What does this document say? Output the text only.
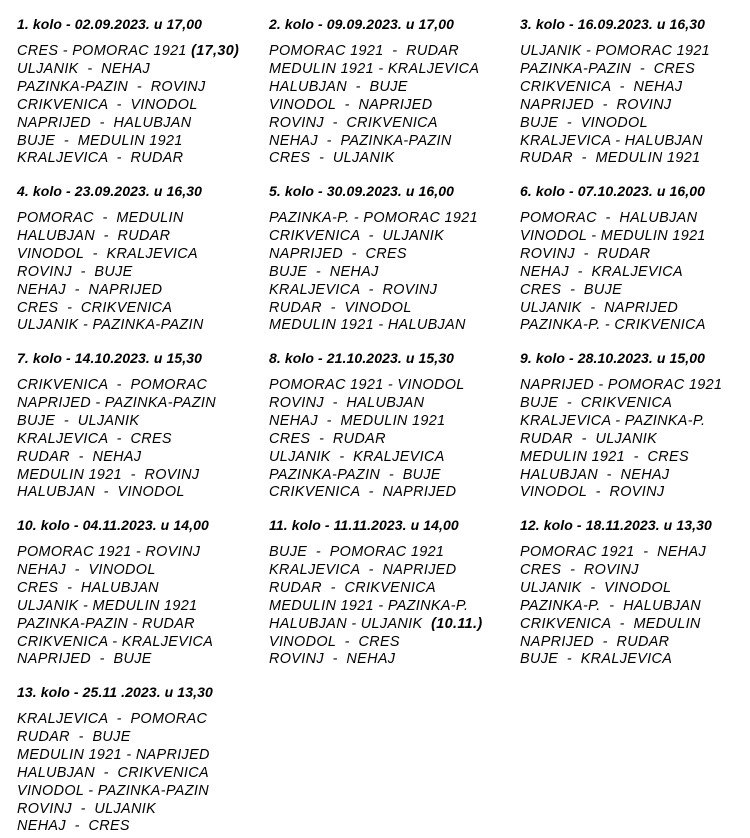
1. kolo - 02.09.2023. u 17,00
CRES - POMORAC 1921 (17,30)
ULJANIK  -  NEHAJ
PAZINKA-PAZIN  -  ROVINJ
CRIKVENICA  -  VINODOL
NAPRIJED  -  HALUBJAN
BUJE  -  MEDULIN 1921
KRALJEVICA  -  RUDAR
2. kolo - 09.09.2023. u 17,00
POMORAC 1921  -  RUDAR
MEDULIN 1921 - KRALJEVICA
HALUBJAN  -  BUJE
VINODOL  -  NAPRIJED
ROVINJ  -  CRIKVENICA
NEHAJ  -  PAZINKA-PAZIN
CRES  -  ULJANIK
3. kolo - 16.09.2023. u 16,30
ULJANIK - POMORAC 1921
PAZINKA-PAZIN  -  CRES
CRIKVENICA  -  NEHAJ
NAPRIJED  -  ROVINJ
BUJE  -  VINODOL
KRALJEVICA - HALUBJAN
RUDAR  -  MEDULIN 1921
4. kolo - 23.09.2023. u 16,30
POMORAC  -  MEDULIN
HALUBJAN  -  RUDAR
VINODOL  -  KRALJEVICA
ROVINJ  -  BUJE
NEHAJ  -  NAPRIJED
CRES  -  CRIKVENICA
ULJANIK - PAZINKA-PAZIN
5. kolo - 30.09.2023. u 16,00
PAZINKA-P. - POMORAC 1921
CRIKVENICA  -  ULJANIK
NAPRIJED  -  CRES
BUJE  -  NEHAJ
KRALJEVICA  -  ROVINJ
RUDAR  -  VINODOL
MEDULIN 1921 - HALUBJAN
6. kolo - 07.10.2023. u 16,00
POMORAC  -  HALUBJAN
VINODOL - MEDULIN 1921
ROVINJ  -  RUDAR
NEHAJ  -  KRALJEVICA
CRES  -  BUJE
ULJANIK  -  NAPRIJED
PAZINKA-P. - CRIKVENICA
7. kolo - 14.10.2023. u 15,30
CRIKVENICA  -  POMORAC
NAPRIJED - PAZINKA-PAZIN
BUJE  -  ULJANIK
KRALJEVICA  -  CRES
RUDAR  -  NEHAJ
MEDULIN 1921  -  ROVINJ
HALUBJAN  -  VINODOL
8. kolo - 21.10.2023. u 15,30
POMORAC 1921 - VINODOL
ROVINJ  -  HALUBJAN
NEHAJ  -  MEDULIN 1921
CRES  -  RUDAR
ULJANIK  -  KRALJEVICA
PAZINKA-PAZIN  -  BUJE
CRIKVENICA  -  NAPRIJED
9. kolo - 28.10.2023. u 15,00
NAPRIJED - POMORAC 1921
BUJE  -  CRIKVENICA
KRALJEVICA - PAZINKA-P.
RUDAR  -  ULJANIK
MEDULIN 1921  -  CRES
HALUBJAN  -  NEHAJ
VINODOL  -  ROVINJ
10. kolo - 04.11.2023. u 14,00
POMORAC 1921 - ROVINJ
NEHAJ  -  VINODOL
CRES  -  HALUBJAN
ULJANIK - MEDULIN 1921
PAZINKA-PAZIN - RUDAR
CRIKVENICA - KRALJEVICA
NAPRIJED  -  BUJE
11. kolo - 11.11.2023. u 14,00
BUJE  -  POMORAC 1921
KRALJEVICA  -  NAPRIJED
RUDAR  -  CRIKVENICA
MEDULIN 1921 - PAZINKA-P.
HALUBJAN - ULJANIK  (10.11.)
VINODOL  -  CRES
ROVINJ  -  NEHAJ
12. kolo - 18.11.2023. u 13,30
POMORAC 1921  -  NEHAJ
CRES  -  ROVINJ
ULJANIK  -  VINODOL
PAZINKA-P.  -  HALUBJAN
CRIKVENICA  -  MEDULIN
NAPRIJED  -  RUDAR
BUJE  -  KRALJEVICA
13. kolo - 25.11 .2023. u 13,30
KRALJEVICA  -  POMORAC
RUDAR  -  BUJE
MEDULIN 1921 - NAPRIJED
HALUBJAN  -  CRIKVENICA
VINODOL - PAZINKA-PAZIN
ROVINJ  -  ULJANIK
NEHAJ  -  CRES
